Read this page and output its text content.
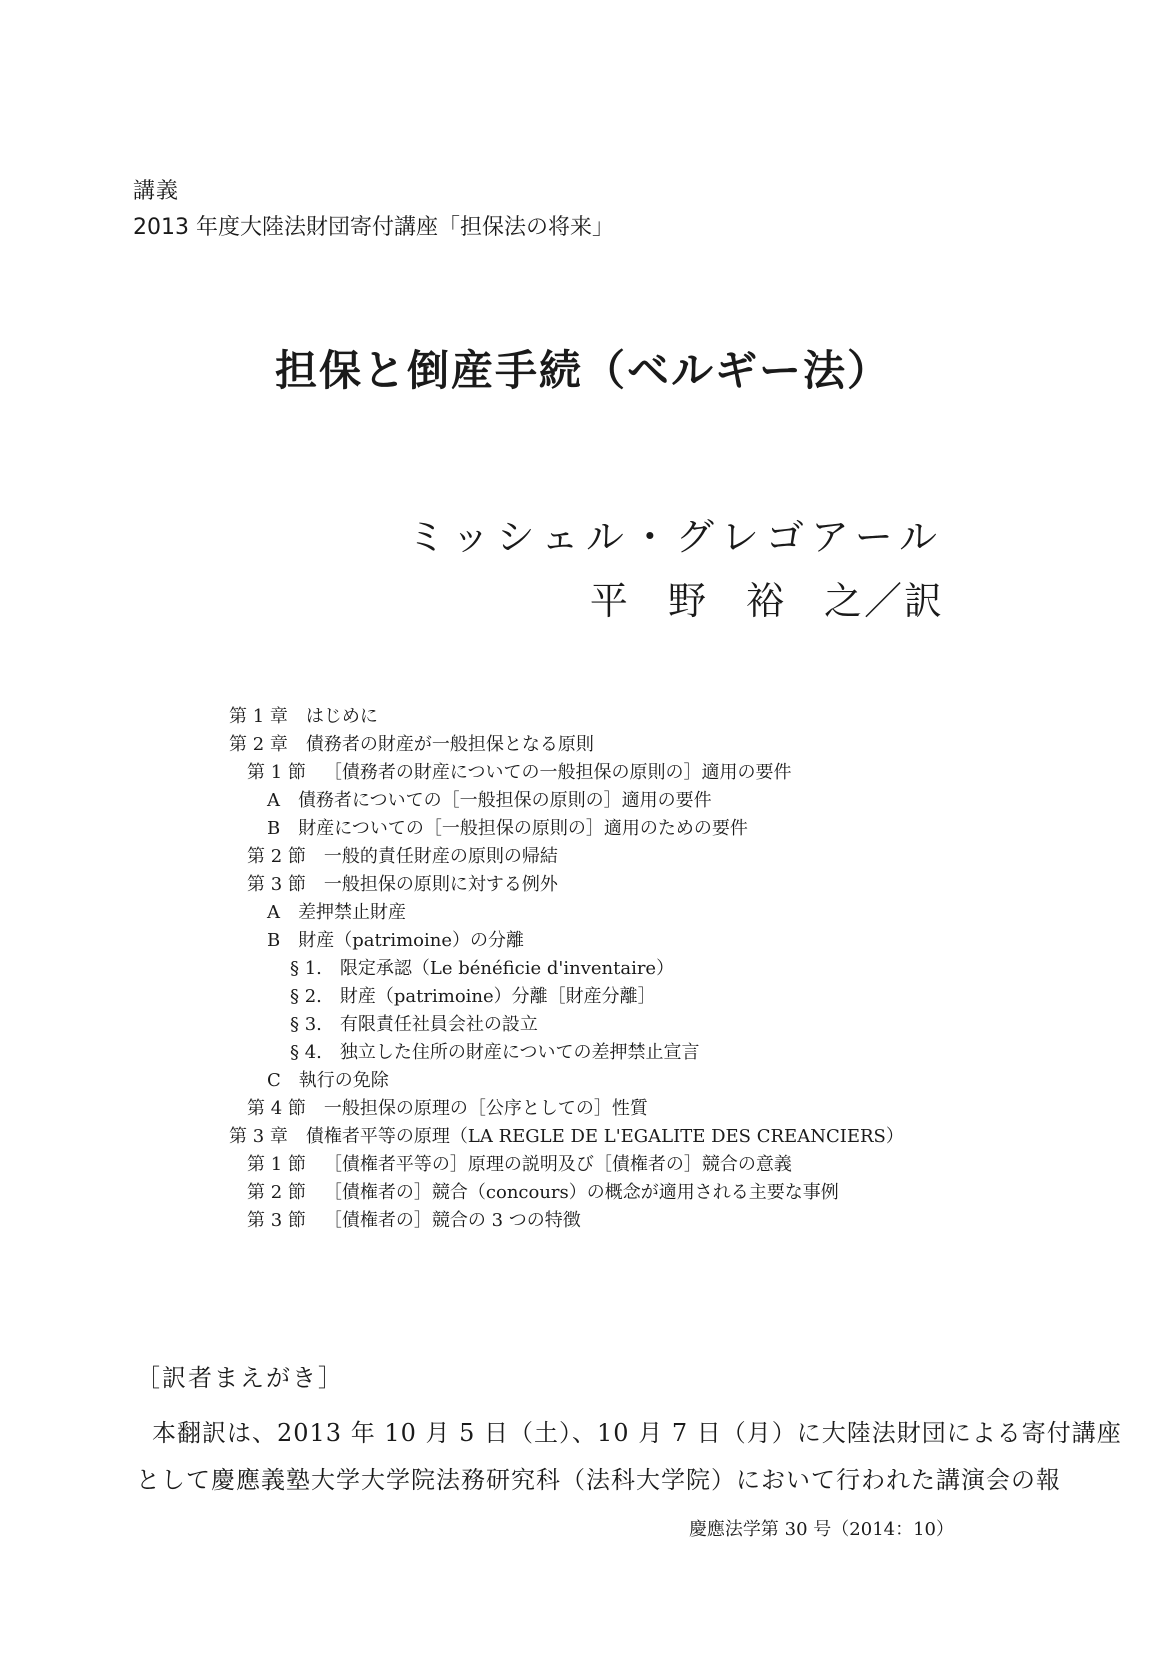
講義
2013 年度大陸法財団寄付講座「担保法の将来」
担保と倒産手続（ベルギー法）
ミッシェル・グレゴアール
平 野 裕 之／訳
第 1 章 はじめに
第 2 章 債務者の財産が一般担保となる原則
第 1 節 ［債務者の財産についての一般担保の原則の］適用の要件
A 債務者についての［一般担保の原則の］適用の要件
B 財産についての［一般担保の原則の］適用のための要件
第 2 節 一般的責任財産の原則の帰結
第 3 節 一般担保の原則に対する例外
A 差押禁止財産
B 財産（patrimoine）の分離
§ 1. 限定承認（Le bénéficie d'inventaire）
§ 2. 財産（patrimoine）分離［財産分離］
§ 3. 有限責任社員会社の設立
§ 4. 独立した住所の財産についての差押禁止宣言
C 執行の免除
第 4 節 一般担保の原理の［公序としての］性質
第 3 章 債権者平等の原理（LA REGLE DE L'EGALITE DES CREANCIERS）
第 1 節 ［債権者平等の］原理の説明及び［債権者の］競合の意義
第 2 節 ［債権者の］競合（concours）の概念が適用される主要な事例
第 3 節 ［債権者の］競合の 3 つの特徴
［訳者まえがき］
本翻訳は、2013 年 10 月 5 日（土）、10 月 7 日（月）に大陸法財団による寄付講座
として慶應義塾大学大学院法務研究科（法科大学院）において行われた講演会の報
慶應法学第 30 号（2014：10）
